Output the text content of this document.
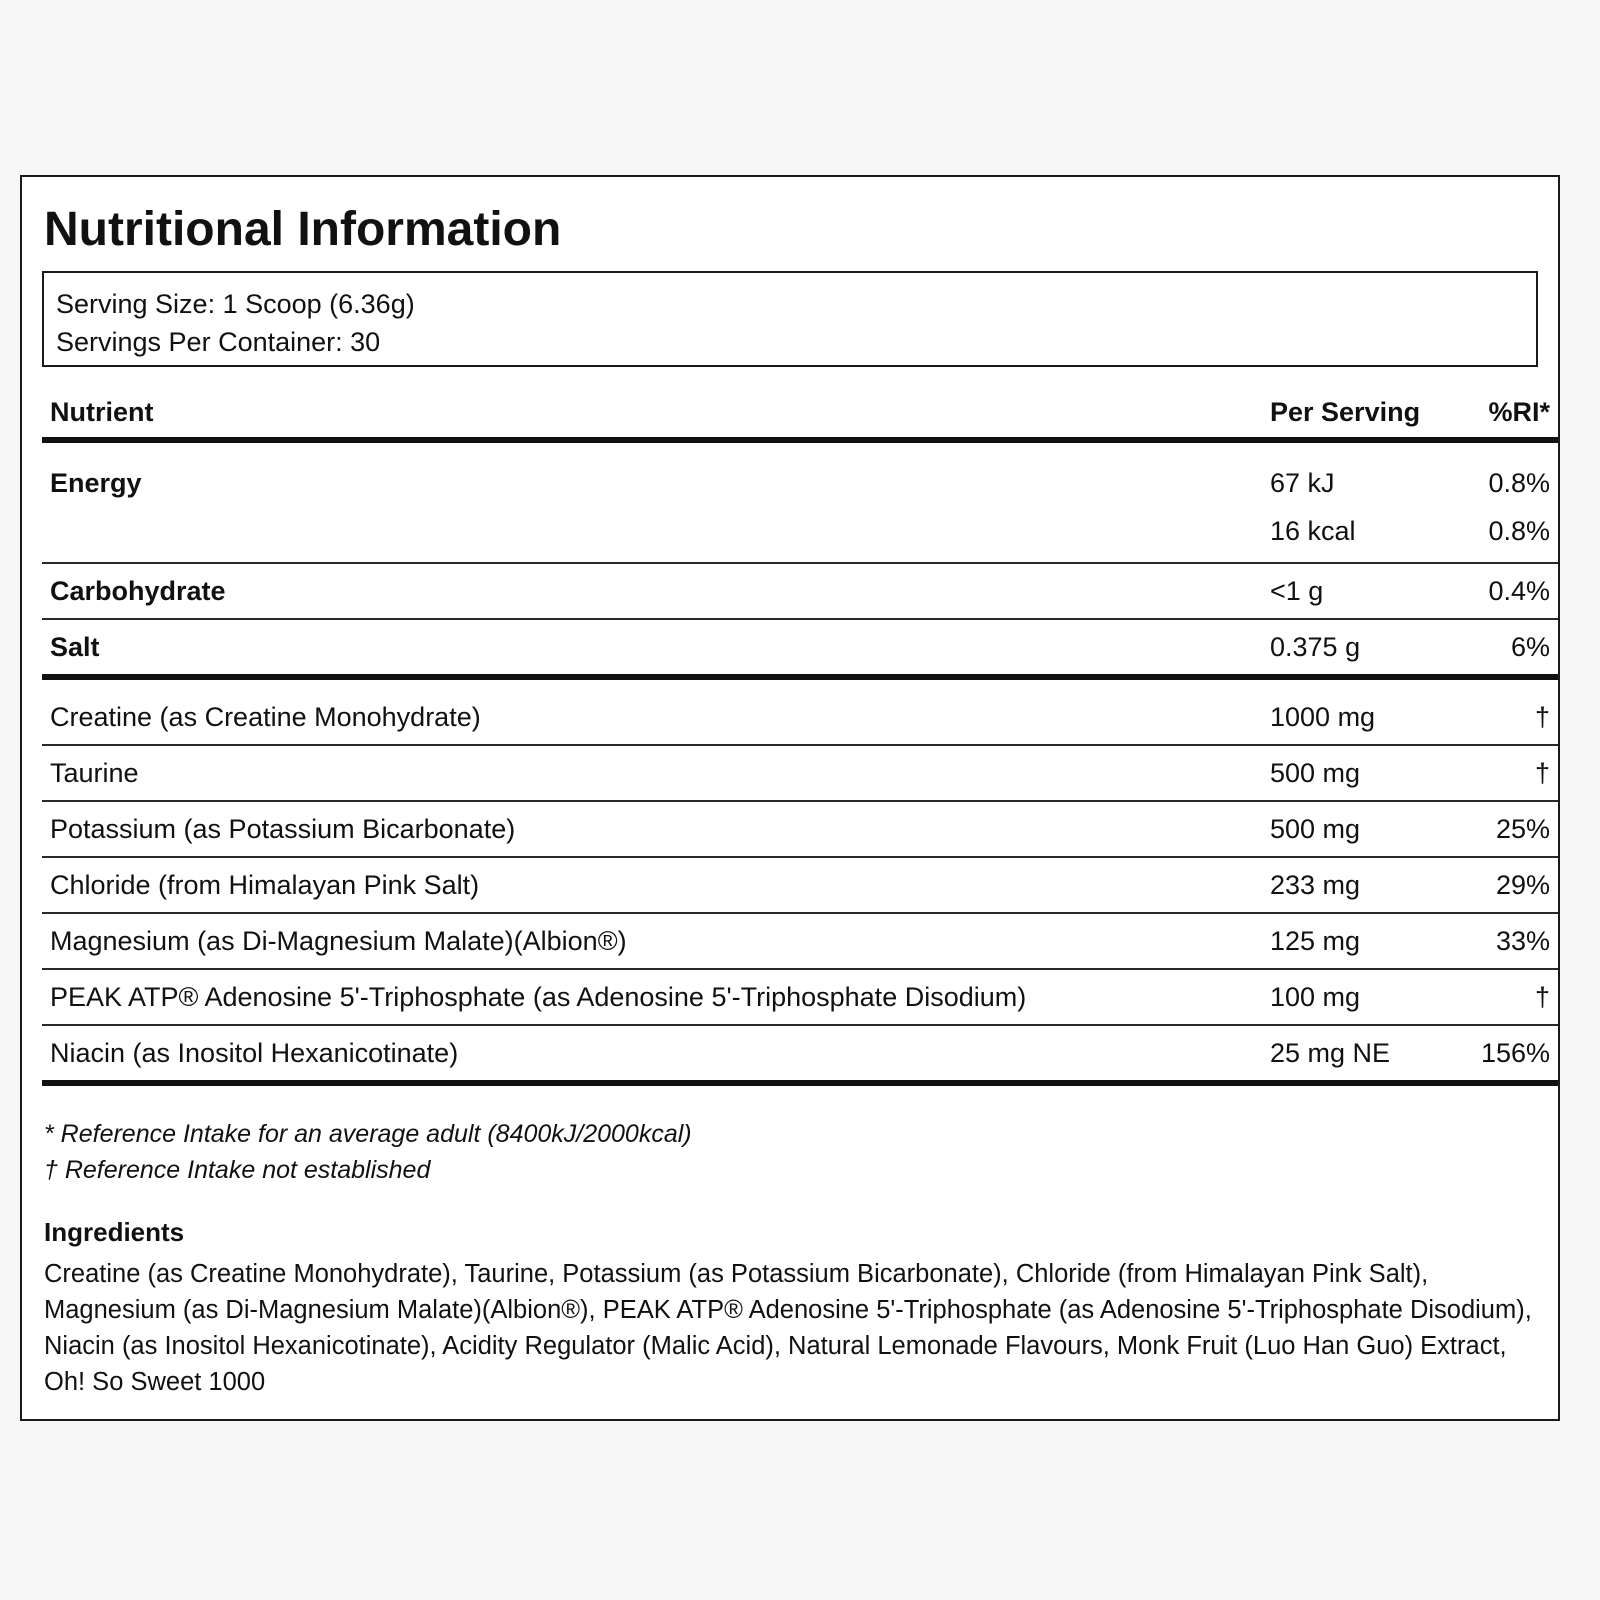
Nutritional Information
Serving Size: 1 Scoop (6.36g)
Servings Per Container: 30
Nutrient	Per Serving	%RI*
Energy	67 kJ	0.8%
	16 kcal	0.8%
Carbohydrate	<1 g	0.4%
Salt	0.375 g	6%
Creatine (as Creatine Monohydrate)	1000 mg	†
Taurine	500 mg	†
Potassium (as Potassium Bicarbonate)	500 mg	25%
Chloride (from Himalayan Pink Salt)	233 mg	29%
Magnesium (as Di-Magnesium Malate)(Albion®)	125 mg	33%
PEAK ATP® Adenosine 5'-Triphosphate (as Adenosine 5'-Triphosphate Disodium)	100 mg	†
Niacin (as Inositol Hexanicotinate)	25 mg NE	156%
* Reference Intake for an average adult (8400kJ/2000kcal)
† Reference Intake not established
Ingredients
Creatine (as Creatine Monohydrate), Taurine, Potassium (as Potassium Bicarbonate), Chloride (from Himalayan Pink Salt), Magnesium (as Di-Magnesium Malate)(Albion®), PEAK ATP® Adenosine 5'-Triphosphate (as Adenosine 5'-Triphosphate Disodium), Niacin (as Inositol Hexanicotinate), Acidity Regulator (Malic Acid), Natural Lemonade Flavours, Monk Fruit (Luo Han Guo) Extract, Oh! So Sweet 1000
